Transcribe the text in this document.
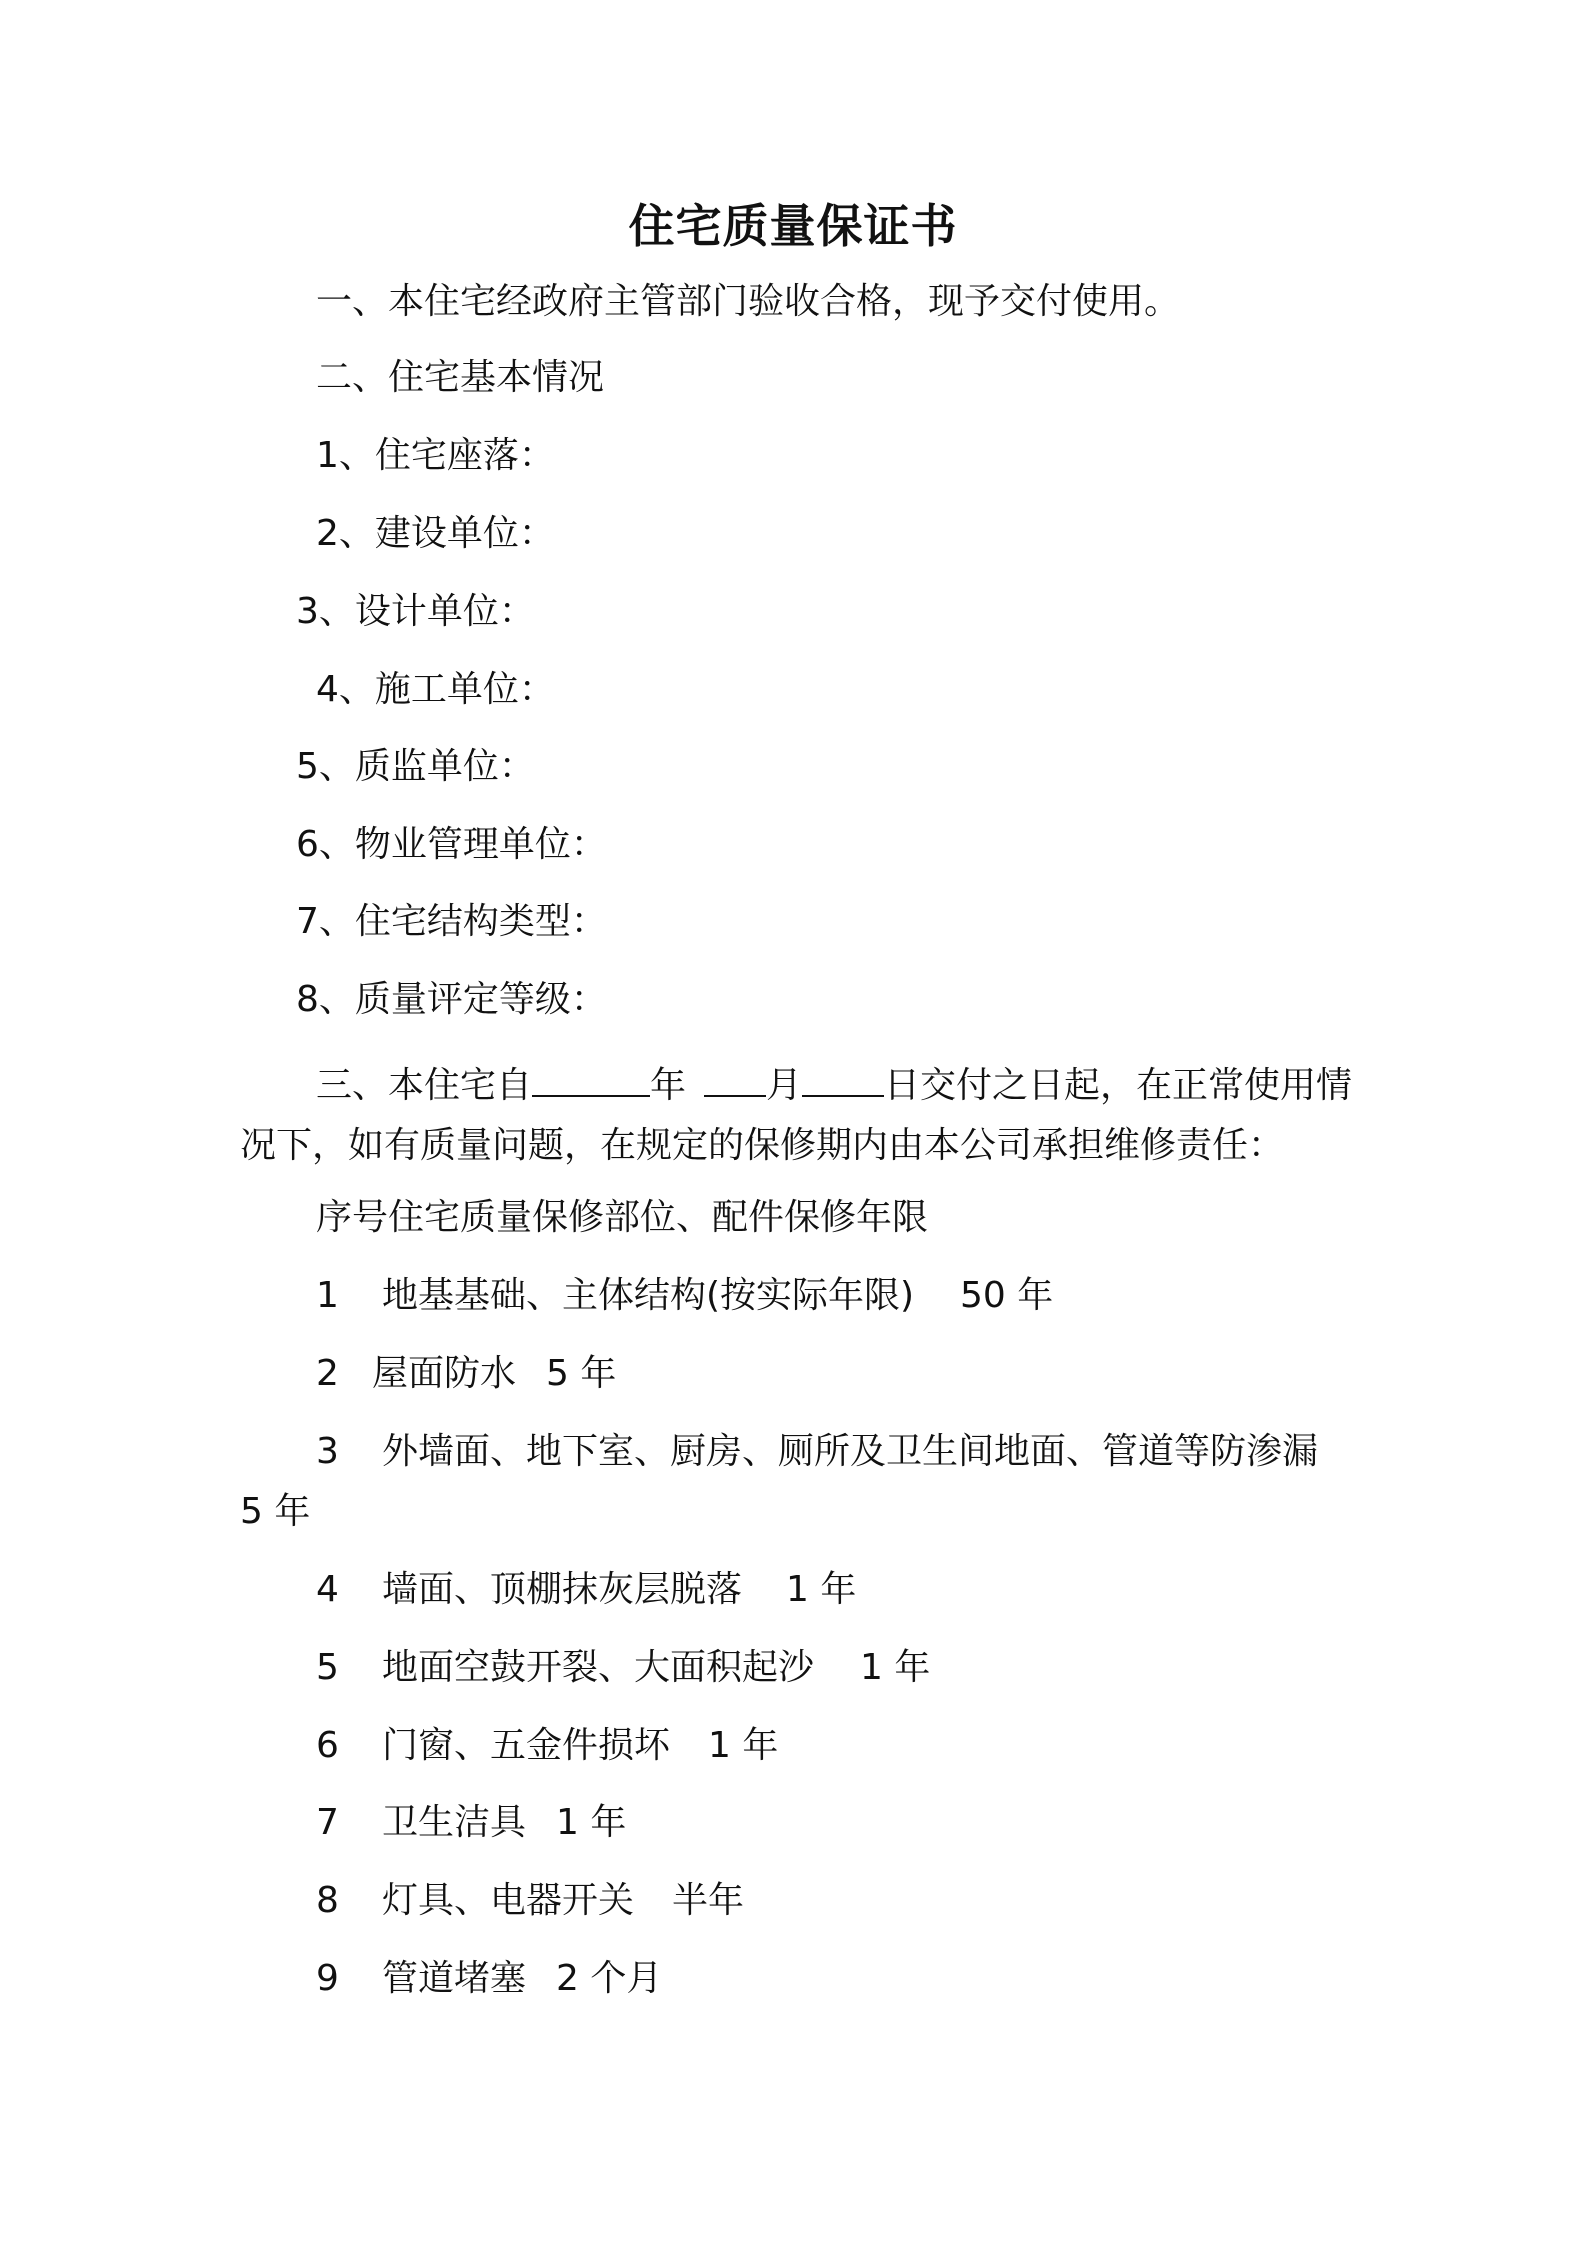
住宅质量保证书
一、本住宅经政府主管部门验收合格，现予交付使用。
二、住宅基本情况
1、住宅座落：
2、建设单位：
3、设计单位：
4、施工单位：
5、质监单位：
6、物业管理单位：
7、住宅结构类型：
8、质量评定等级：
三、本住宅自	年 月 日交付之日起，在正常使用情况下，如有质量问题，在规定的保修期内由本公司承担维修责任：
序号住宅质量保修部位、配件保修年限
1 地基基础、主体结构(按实际年限) 50 年
2 屋面防水 5 年
3 外墙面、地下室、厨房、厕所及卫生间地面、管道等防渗漏
5 年
4 墙面、顶棚抹灰层脱落 1 年
5 地面空鼓开裂、大面积起沙 1 年
6 门窗、五金件损坏 1 年
7 卫生洁具 1 年
8 灯具、电器开关 半年
9 管道堵塞 2 个月
